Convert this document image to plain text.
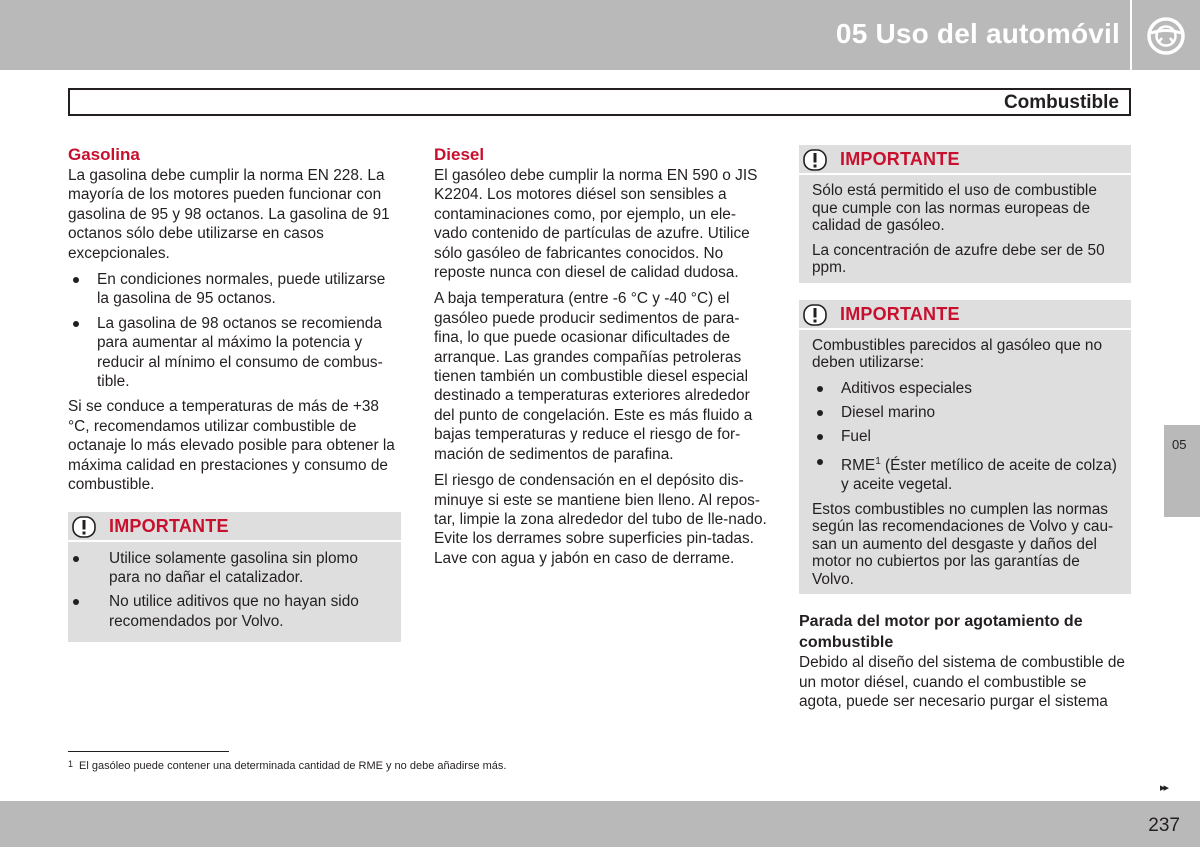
05 Uso del automóvil
Combustible
Gasolina

La gasolina debe cumplir la norma EN 228. La mayoría de los motores pueden funcionar con gasolina de 95 y 98 octanos. La gasolina de 91 octanos sólo debe utilizarse en casos excepcionales.

En condiciones normales, puede utilizarse la gasolina de 95 octanos.
La gasolina de 98 octanos se recomienda para aumentar al máximo la potencia y reducir al mínimo el consumo de combus-tible.

Si se conduce a temperaturas de más de +38 °C, recomendamos utilizar combustible de octanaje lo más elevado posible para obtener la máxima calidad en prestaciones y consumo de combustible.

IMPORTANTE
Utilice solamente gasolina sin plomo para no dañar el catalizador.
No utilice aditivos que no hayan sido recomendados por Volvo.
Diesel

El gasóleo debe cumplir la norma EN 590 o JIS K2204. Los motores diésel son sensibles a contaminaciones como, por ejemplo, un ele-vado contenido de partículas de azufre. Utilice sólo gasóleo de fabricantes conocidos. No reposte nunca con diesel de calidad dudosa.

A baja temperatura (entre -6 °C y -40 °C) el gasóleo puede producir sedimentos de para-fina, lo que puede ocasionar dificultades de arranque. Las grandes compañías petroleras tienen también un combustible diesel especial destinado a temperaturas exteriores alrededor del punto de congelación. Este es más fluido a bajas temperaturas y reduce el riesgo de for-mación de sedimentos de parafina.

El riesgo de condensación en el depósito dis-minuye si este se mantiene bien lleno. Al repos-tar, limpie la zona alrededor del tubo de lle-nado. Evite los derrames sobre superficies pin-tadas. Lave con agua y jabón en caso de derrame.

IMPORTANTE

Sólo está permitido el uso de combustible que cumple con las normas europeas de calidad de gasóleo.

La concentración de azufre debe ser de 50 ppm.

IMPORTANTE

Combustibles parecidos al gasóleo que no deben utilizarse:

Aditivos especiales
Diesel marino
Fuel
RME$^1$ (Éster metílico de aceite de colza) y aceite vegetal.

Estos combustibles no cumplen las normas según las recomendaciones de Volvo y cau-san un aumento del desgaste y daños del motor no cubiertos por las garantías de Volvo.

Parada del motor por agotamiento de combustible

Debido al diseño del sistema de combustible de un motor diésel, cuando el combustible se agota, puede ser necesario purgar el sistema

$^1$ El gasóleo puede contener una determinada cantidad de RME y no debe añadirse más.
▸▸
05
237
